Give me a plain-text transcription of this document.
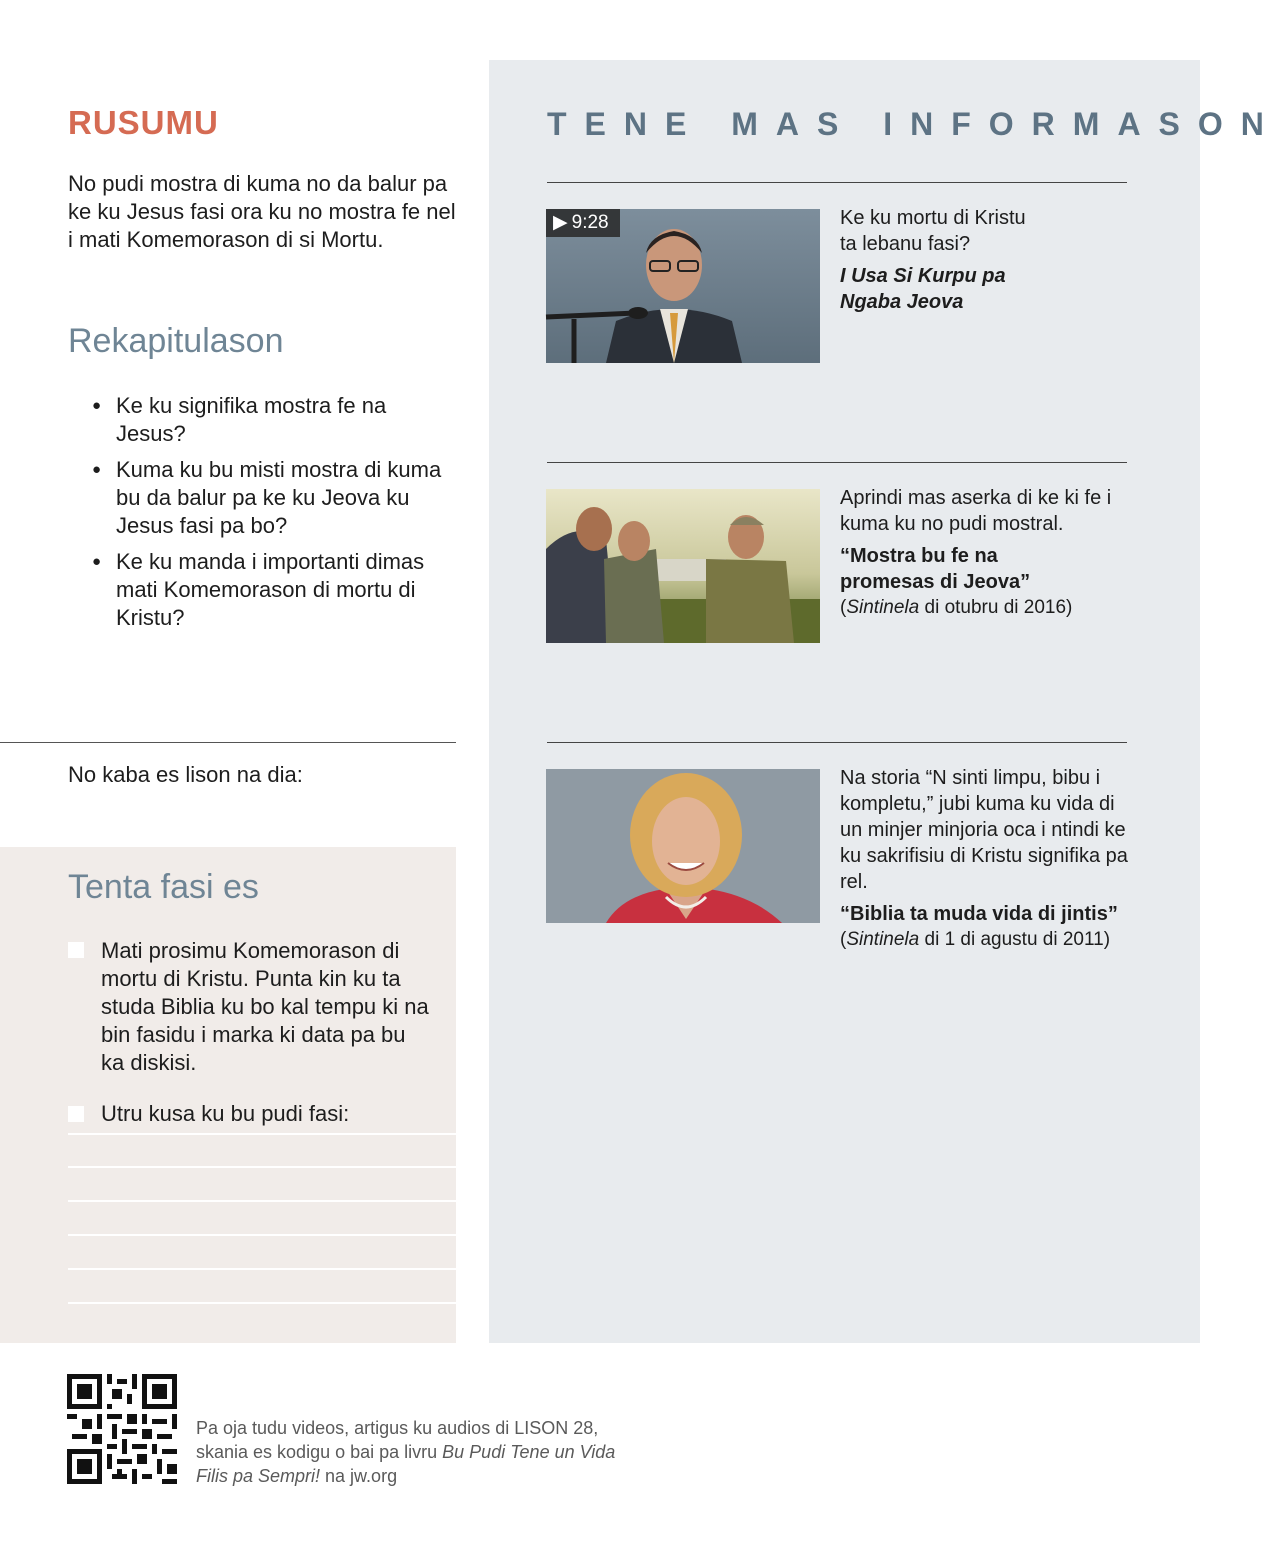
RUSUMU
No pudi mostra di kuma no da balur pa ke ku Jesus fasi ora ku no mostra fe nel i mati Komemorason di si Mortu.
Rekapitulason
● Ke ku signifika mostra fe na Jesus?
● Kuma ku bu misti mostra di kuma bu da balur pa ke ku Jeova ku Jesus fasi pa bo?
● Ke ku manda i importanti dimas mati Komemorason di mortu di Kristu?
No kaba es lison na dia:
Tenta fasi es
Mati prosimu Komemorason di mortu di Kristu. Punta kin ku ta studa Biblia ku bo kal tempu ki na bin fasidu i marka ki data pa bu ka diskisi.
Utru kusa ku bu pudi fasi:
TENE MAS INFORMASON
▶ 9:28	Ke ku mortu di Kristu ta lebanu fasi?

I Usa Si Kurpu pa Ngaba Jeova

Aprindi mas aserka di ke ki fe i kuma ku no pudi mostral.

“Mostra bu fe na promesas di Jeova”

(Sintinela di otubru di 2016)

Na storia “N sinti limpu, bibu i kompletu,” jubi kuma ku vida di un minjer minjoria oca i ntindi ke ku sakrifisiu di Kristu signifika pa rel.

“Biblia ta muda vida di jintis”

(Sintinela di 1 di agustu di 2011)

Pa oja tudu videos, artigus ku audios di LISON 28, skania es kodigu o bai pa livru Bu Pudi Tene un Vida Filis pa Sempri! na jw.org
